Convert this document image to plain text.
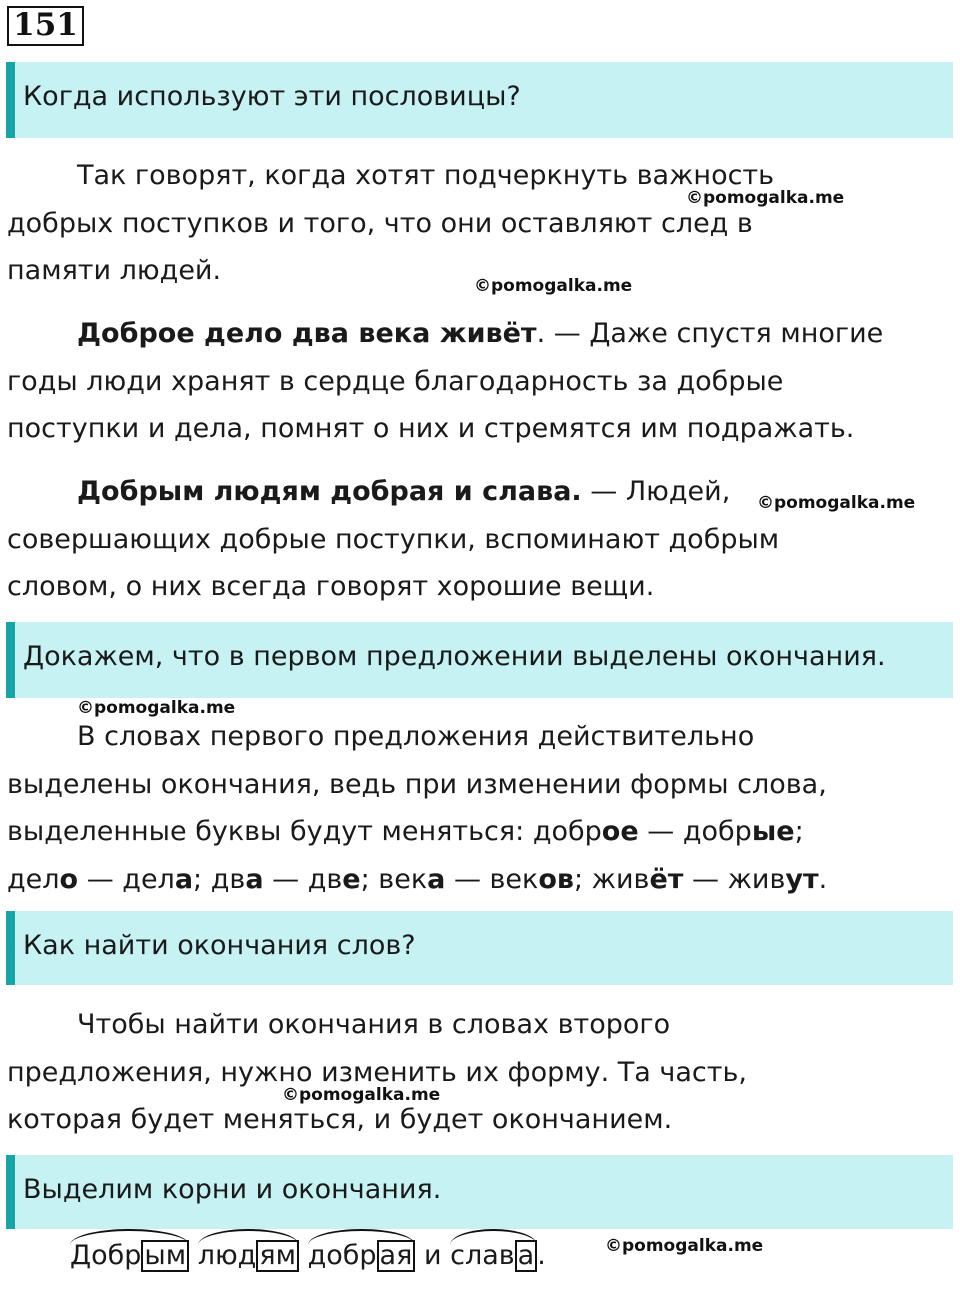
151
Когда используют эти пословицы?
Так говорят, когда хотят подчеркнуть важность
добрых поступков и того, что они оставляют след в
памяти людей.
Доброе дело два века живёт. — Даже спустя многие
годы люди хранят в сердце благодарность за добрые
поступки и дела, помнят о них и стремятся им подражать.
Добрым людям добрая и слава. — Людей,
совершающих добрые поступки, вспоминают добрым
словом, о них всегда говорят хорошие вещи.
Докажем, что в первом предложении выделены окончания.
В словах первого предложения действительно
выделены окончания, ведь при изменении формы слова,
выделенные буквы будут меняться: доброе — добрые;
дело — дела; два — две; века — веков; живёт — живут.
Как найти окончания слов?
Чтобы найти окончания в словах второго
предложения, нужно изменить их форму. Та часть,
которая будет меняться, и будет окончанием.
Выделим корни и окончания.
Добр ым люд ям добр ая и слав а .
©pomogalka.me
©pomogalka.me
©pomogalka.me
©pomogalka.me
©pomogalka.me
©pomogalka.me
